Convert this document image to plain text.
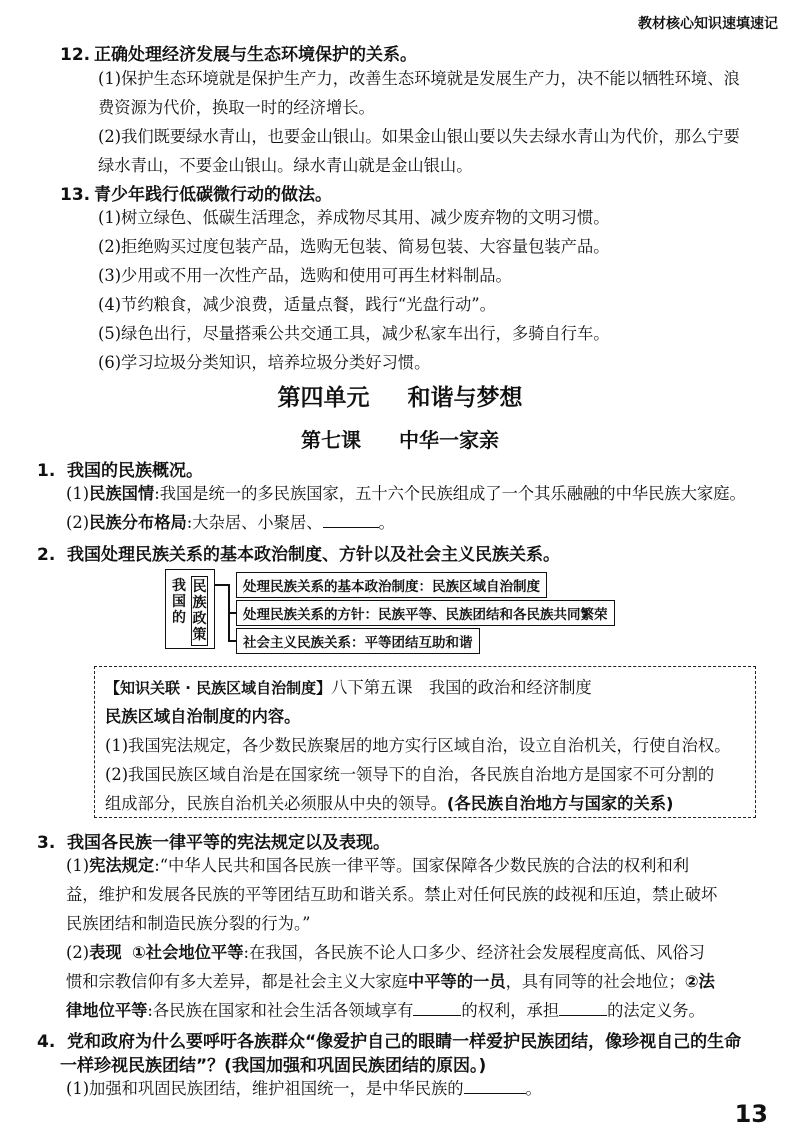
教材核心知识速填速记
12. 正确处理经济发展与生态环境保护的关系。
(1)保护生态环境就是保护生产力，改善生态环境就是发展生产力，决不能以牺牲环境、浪
费资源为代价，换取一时的经济增长。
(2)我们既要绿水青山，也要金山银山。如果金山银山要以失去绿水青山为代价，那么宁要
绿水青山，不要金山银山。绿水青山就是金山银山。
13. 青少年践行低碳微行动的做法。
(1)树立绿色、低碳生活理念，养成物尽其用、减少废弃物的文明习惯。
(2)拒绝购买过度包装产品，选购无包装、简易包装、大容量包装产品。
(3)少用或不用一次性产品，选购和使用可再生材料制品。
(4)节约粮食，减少浪费，适量点餐，践行“光盘行动”。
(5)绿色出行，尽量搭乘公共交通工具，减少私家车出行，多骑自行车。
(6)学习垃圾分类知识，培养垃圾分类好习惯。
第四单元 和谐与梦想
第七课 中华一家亲
1. 我国的民族概况。
(1)民族国情:我国是统一的多民族国家，五十六个民族组成了一个其乐融融的中华民族大家庭。
(2)民族分布格局:大杂居、小聚居、	。
2. 我国处理民族关系的基本政治制度、方针以及社会主义民族关系。
我国的
民族政策
处理民族关系的基本政治制度：民族区域自治制度
处理民族关系的方针：民族平等、民族团结和各民族共同繁荣
社会主义民族关系：平等团结互助和谐
【知识关联 · 民族区域自治制度】八下第五课　我国的政治和经济制度
民族区域自治制度的内容。
(1)我国宪法规定，各少数民族聚居的地方实行区域自治，设立自治机关，行使自治权。
(2)我国民族区域自治是在国家统一领导下的自治，各民族自治地方是国家不可分割的
组成部分，民族自治机关必须服从中央的领导。(各民族自治地方与国家的关系)
3. 我国各民族一律平等的宪法规定以及表现。
(1)宪法规定:“中华人民共和国各民族一律平等。国家保障各少数民族的合法的权利和利
益，维护和发展各民族的平等团结互助和谐关系。禁止对任何民族的歧视和压迫，禁止破坏
民族团结和制造民族分裂的行为。”
(2)表现 ①社会地位平等:在我国，各民族不论人口多少、经济社会发展程度高低、风俗习
惯和宗教信仰有多大差异，都是社会主义大家庭中平等的一员，具有同等的社会地位；②法
律地位平等:各民族在国家和社会生活各领域享有	的权利，承担	的法定义务。
4. 党和政府为什么要呼吁各族群众“像爱护自己的眼睛一样爱护民族团结，像珍视自己的生命
一样珍视民族团结”？(我国加强和巩固民族团结的原因。)
(1)加强和巩固民族团结，维护祖国统一，是中华民族的	。
13
